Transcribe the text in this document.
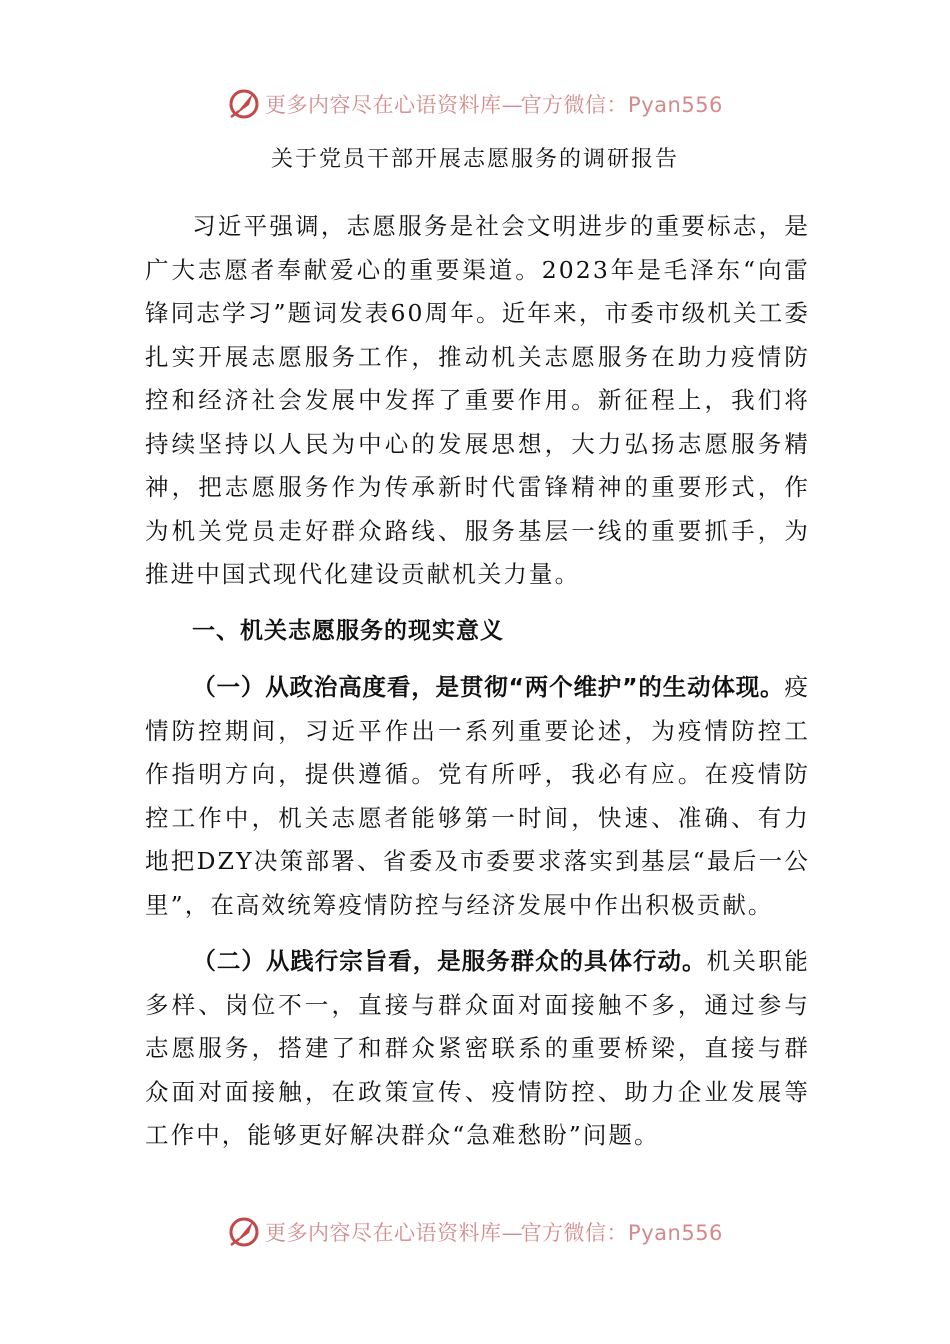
更多内容尽在心语资料库—官方微信：Pyan556
关于党员干部开展志愿服务的调研报告
习近平强调，志愿服务是社会文明进步的重要标志，是广大志愿者奉献爱心的重要渠道。2023年是毛泽东“向雷锋同志学习”题词发表60周年。近年来，市委市级机关工委扎实开展志愿服务工作，推动机关志愿服务在助力疫情防控和经济社会发展中发挥了重要作用。新征程上，我们将持续坚持以人民为中心的发展思想，大力弘扬志愿服务精神，把志愿服务作为传承新时代雷锋精神的重要形式，作为机关党员走好群众路线、服务基层一线的重要抓手，为推进中国式现代化建设贡献机关力量。
一、机关志愿服务的现实意义
（一）从政治高度看，是贯彻“两个维护”的生动体现。疫情防控期间，习近平作出一系列重要论述，为疫情防控工作指明方向，提供遵循。党有所呼，我必有应。在疫情防控工作中，机关志愿者能够第一时间，快速、准确、有力地把DZY决策部署、省委及市委要求落实到基层“最后一公里”，在高效统筹疫情防控与经济发展中作出积极贡献。
（二）从践行宗旨看，是服务群众的具体行动。机关职能多样、岗位不一，直接与群众面对面接触不多，通过参与志愿服务，搭建了和群众紧密联系的重要桥梁，直接与群众面对面接触，在政策宣传、疫情防控、助力企业发展等工作中，能够更好解决群众“急难愁盼”问题。
更多内容尽在心语资料库—官方微信：Pyan556
